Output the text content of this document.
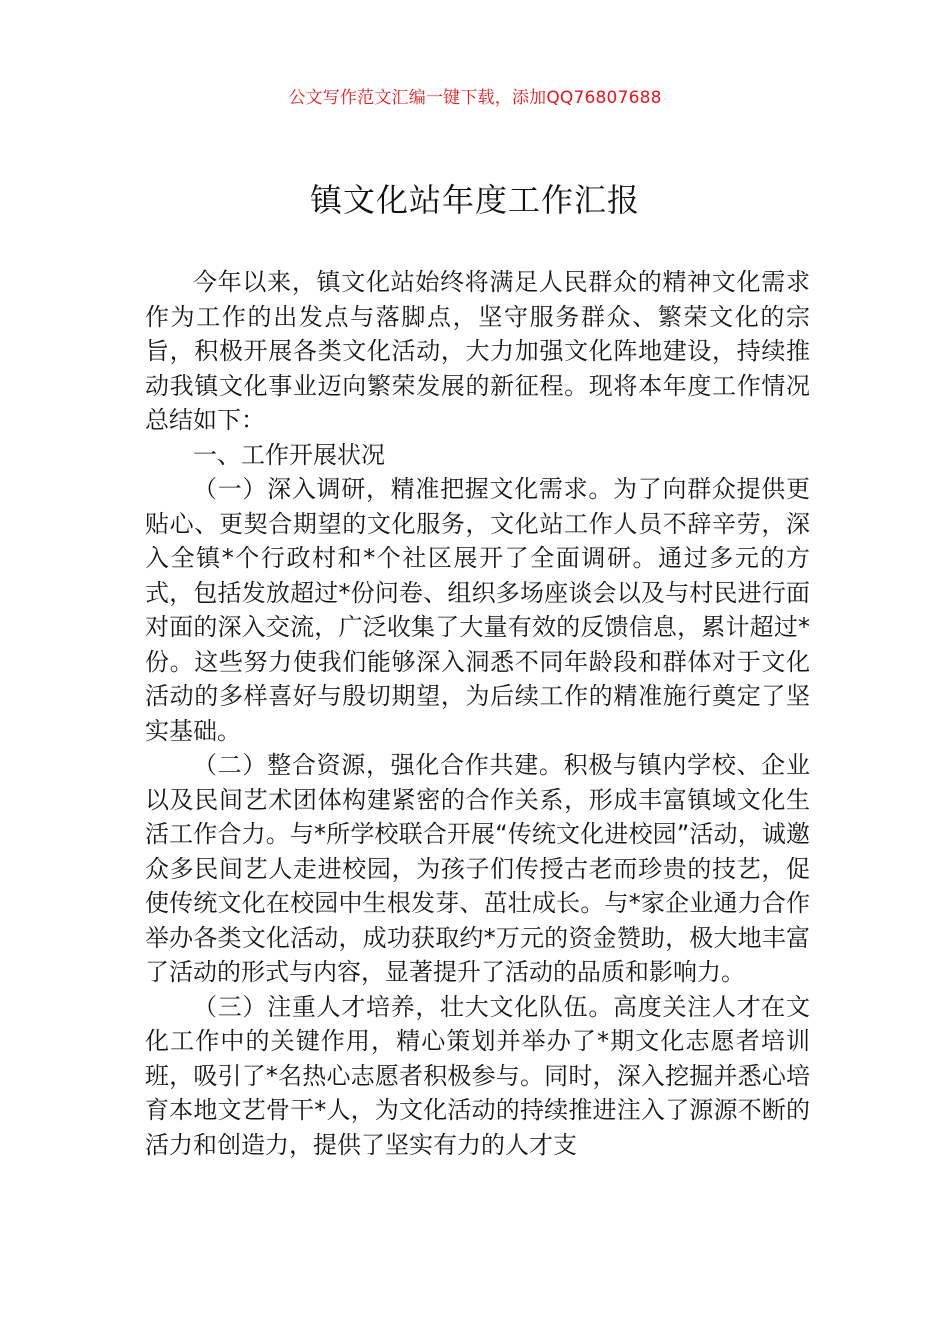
公文写作范文汇编一键下载，添加QQ76807688
镇文化站年度工作汇报

今年以来，镇文化站始终将满足人民群众的精神文化需求作为工作的出发点与落脚点，坚守服务群众、繁荣文化的宗旨，积极开展各类文化活动，大力加强文化阵地建设，持续推动我镇文化事业迈向繁荣发展的新征程。现将本年度工作情况总结如下：

一、工作开展状况

（一）深入调研，精准把握文化需求。为了向群众提供更贴心、更契合期望的文化服务，文化站工作人员不辞辛劳，深入全镇*个行政村和*个社区展开了全面调研。通过多元的方式，包括发放超过*份问卷、组织多场座谈会以及与村民进行面对面的深入交流，广泛收集了大量有效的反馈信息，累计超过*份。这些努力使我们能够深入洞悉不同年龄段和群体对于文化活动的多样喜好与殷切期望，为后续工作的精准施行奠定了坚实基础。

（二）整合资源，强化合作共建。积极与镇内学校、企业以及民间艺术团体构建紧密的合作关系，形成丰富镇域文化生活工作合力。与*所学校联合开展“传统文化进校园”活动，诚邀众多民间艺人走进校园，为孩子们传授古老而珍贵的技艺，促使传统文化在校园中生根发芽、茁壮成长。与*家企业通力合作举办各类文化活动，成功获取约*万元的资金赞助，极大地丰富了活动的形式与内容，显著提升了活动的品质和影响力。

（三）注重人才培养，壮大文化队伍。高度关注人才在文化工作中的关键作用，精心策划并举办了*期文化志愿者培训班，吸引了*名热心志愿者积极参与。同时，深入挖掘并悉心培育本地文艺骨干*人，为文化活动的持续推进注入了源源不断的活力和创造力，提供了坚实有力的人才支
